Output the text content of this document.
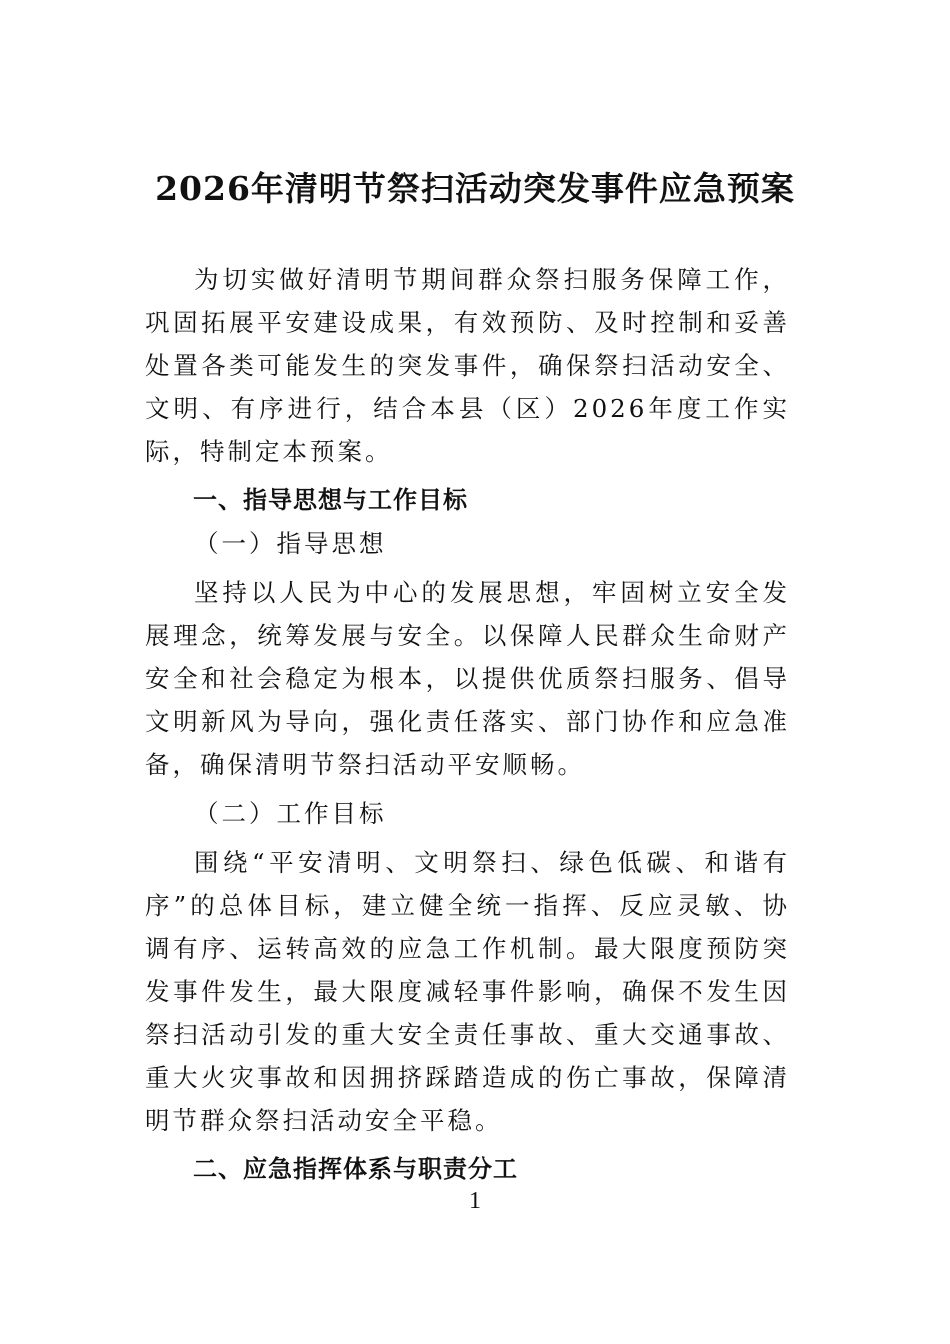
2026年清明节祭扫活动突发事件应急预案

为切实做好清明节期间群众祭扫服务保障工作，巩固拓展平安建设成果，有效预防、及时控制和妥善处置各类可能发生的突发事件，确保祭扫活动安全、文明、有序进行，结合本县（区）2026年度工作实际，特制定本预案。

一、指导思想与工作目标

（一）指导思想

坚持以人民为中心的发展思想，牢固树立安全发展理念，统筹发展与安全。以保障人民群众生命财产安全和社会稳定为根本，以提供优质祭扫服务、倡导文明新风为导向，强化责任落实、部门协作和应急准备，确保清明节祭扫活动平安顺畅。

（二）工作目标

围绕“平安清明、文明祭扫、绿色低碳、和谐有序”的总体目标，建立健全统一指挥、反应灵敏、协调有序、运转高效的应急工作机制。最大限度预防突发事件发生，最大限度减轻事件影响，确保不发生因祭扫活动引发的重大安全责任事故、重大交通事故、重大火灾事故和因拥挤踩踏造成的伤亡事故，保障清明节群众祭扫活动安全平稳。

二、应急指挥体系与职责分工

1
